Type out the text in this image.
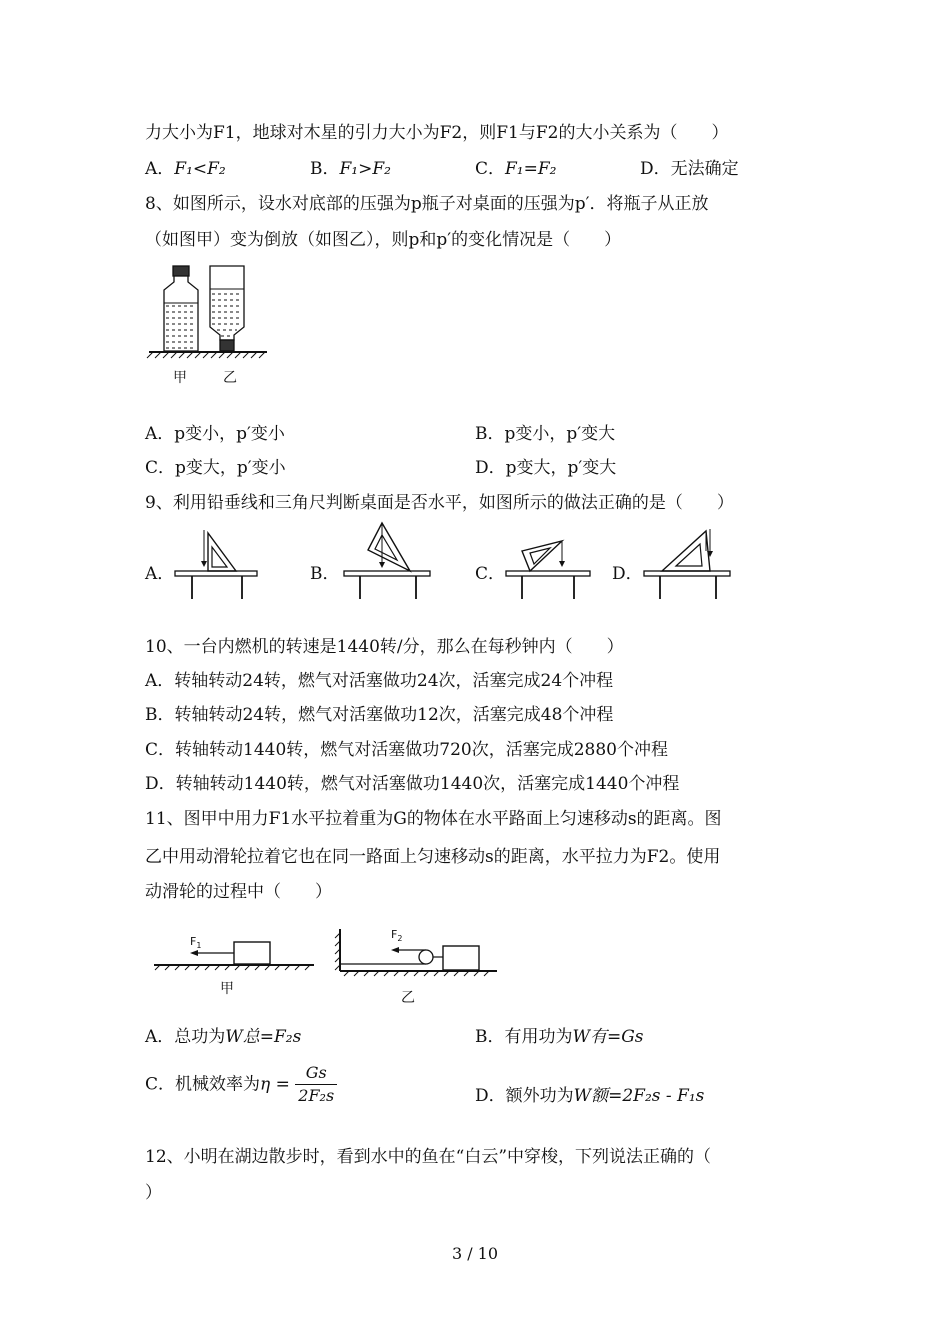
力大小为F1，地球对木星的引力大小为F2，则F1与F2的大小关系为（　　）
A．F₁<F₂	B．F₁>F₂	C．F₁=F₂	D．无法确定
8、如图所示，设水对底部的压强为p瓶子对桌面的压强为p′．将瓶子从正放
（如图甲）变为倒放（如图乙），则p和p′的变化情况是（　　）
甲	乙
A．p变小，p′变小	B．p变小，p′变大
C．p变大，p′变小	D．p变大，p′变大
9、利用铅垂线和三角尺判断桌面是否水平，如图所示的做法正确的是（　　）
A．	B．	C．	D．
10、一台内燃机的转速是1440转/分，那么在每秒钟内（　　）
A．转轴转动24转，燃气对活塞做功24次，活塞完成24个冲程
B．转轴转动24转，燃气对活塞做功12次，活塞完成48个冲程
C．转轴转动1440转，燃气对活塞做功720次，活塞完成2880个冲程
D．转轴转动1440转，燃气对活塞做功1440次，活塞完成1440个冲程
11、图甲中用力F1水平拉着重为G的物体在水平路面上匀速移动s的距离。图
乙中用动滑轮拉着它也在同一路面上匀速移动s的距离，水平拉力为F2。使用
动滑轮的过程中（　　）
$F_1$
甲
$F_2$
乙
A．总功为W总=F₂s	B．有用功为W有=Gs
C．机械效率为$\eta = \frac{Gs}{\text{2F₂s}}$	D．额外功为W额=2F₂s - F₁s
12、小明在湖边散步时，看到水中的鱼在“白云”中穿梭，下列说法正确的（
）
3 / 10
